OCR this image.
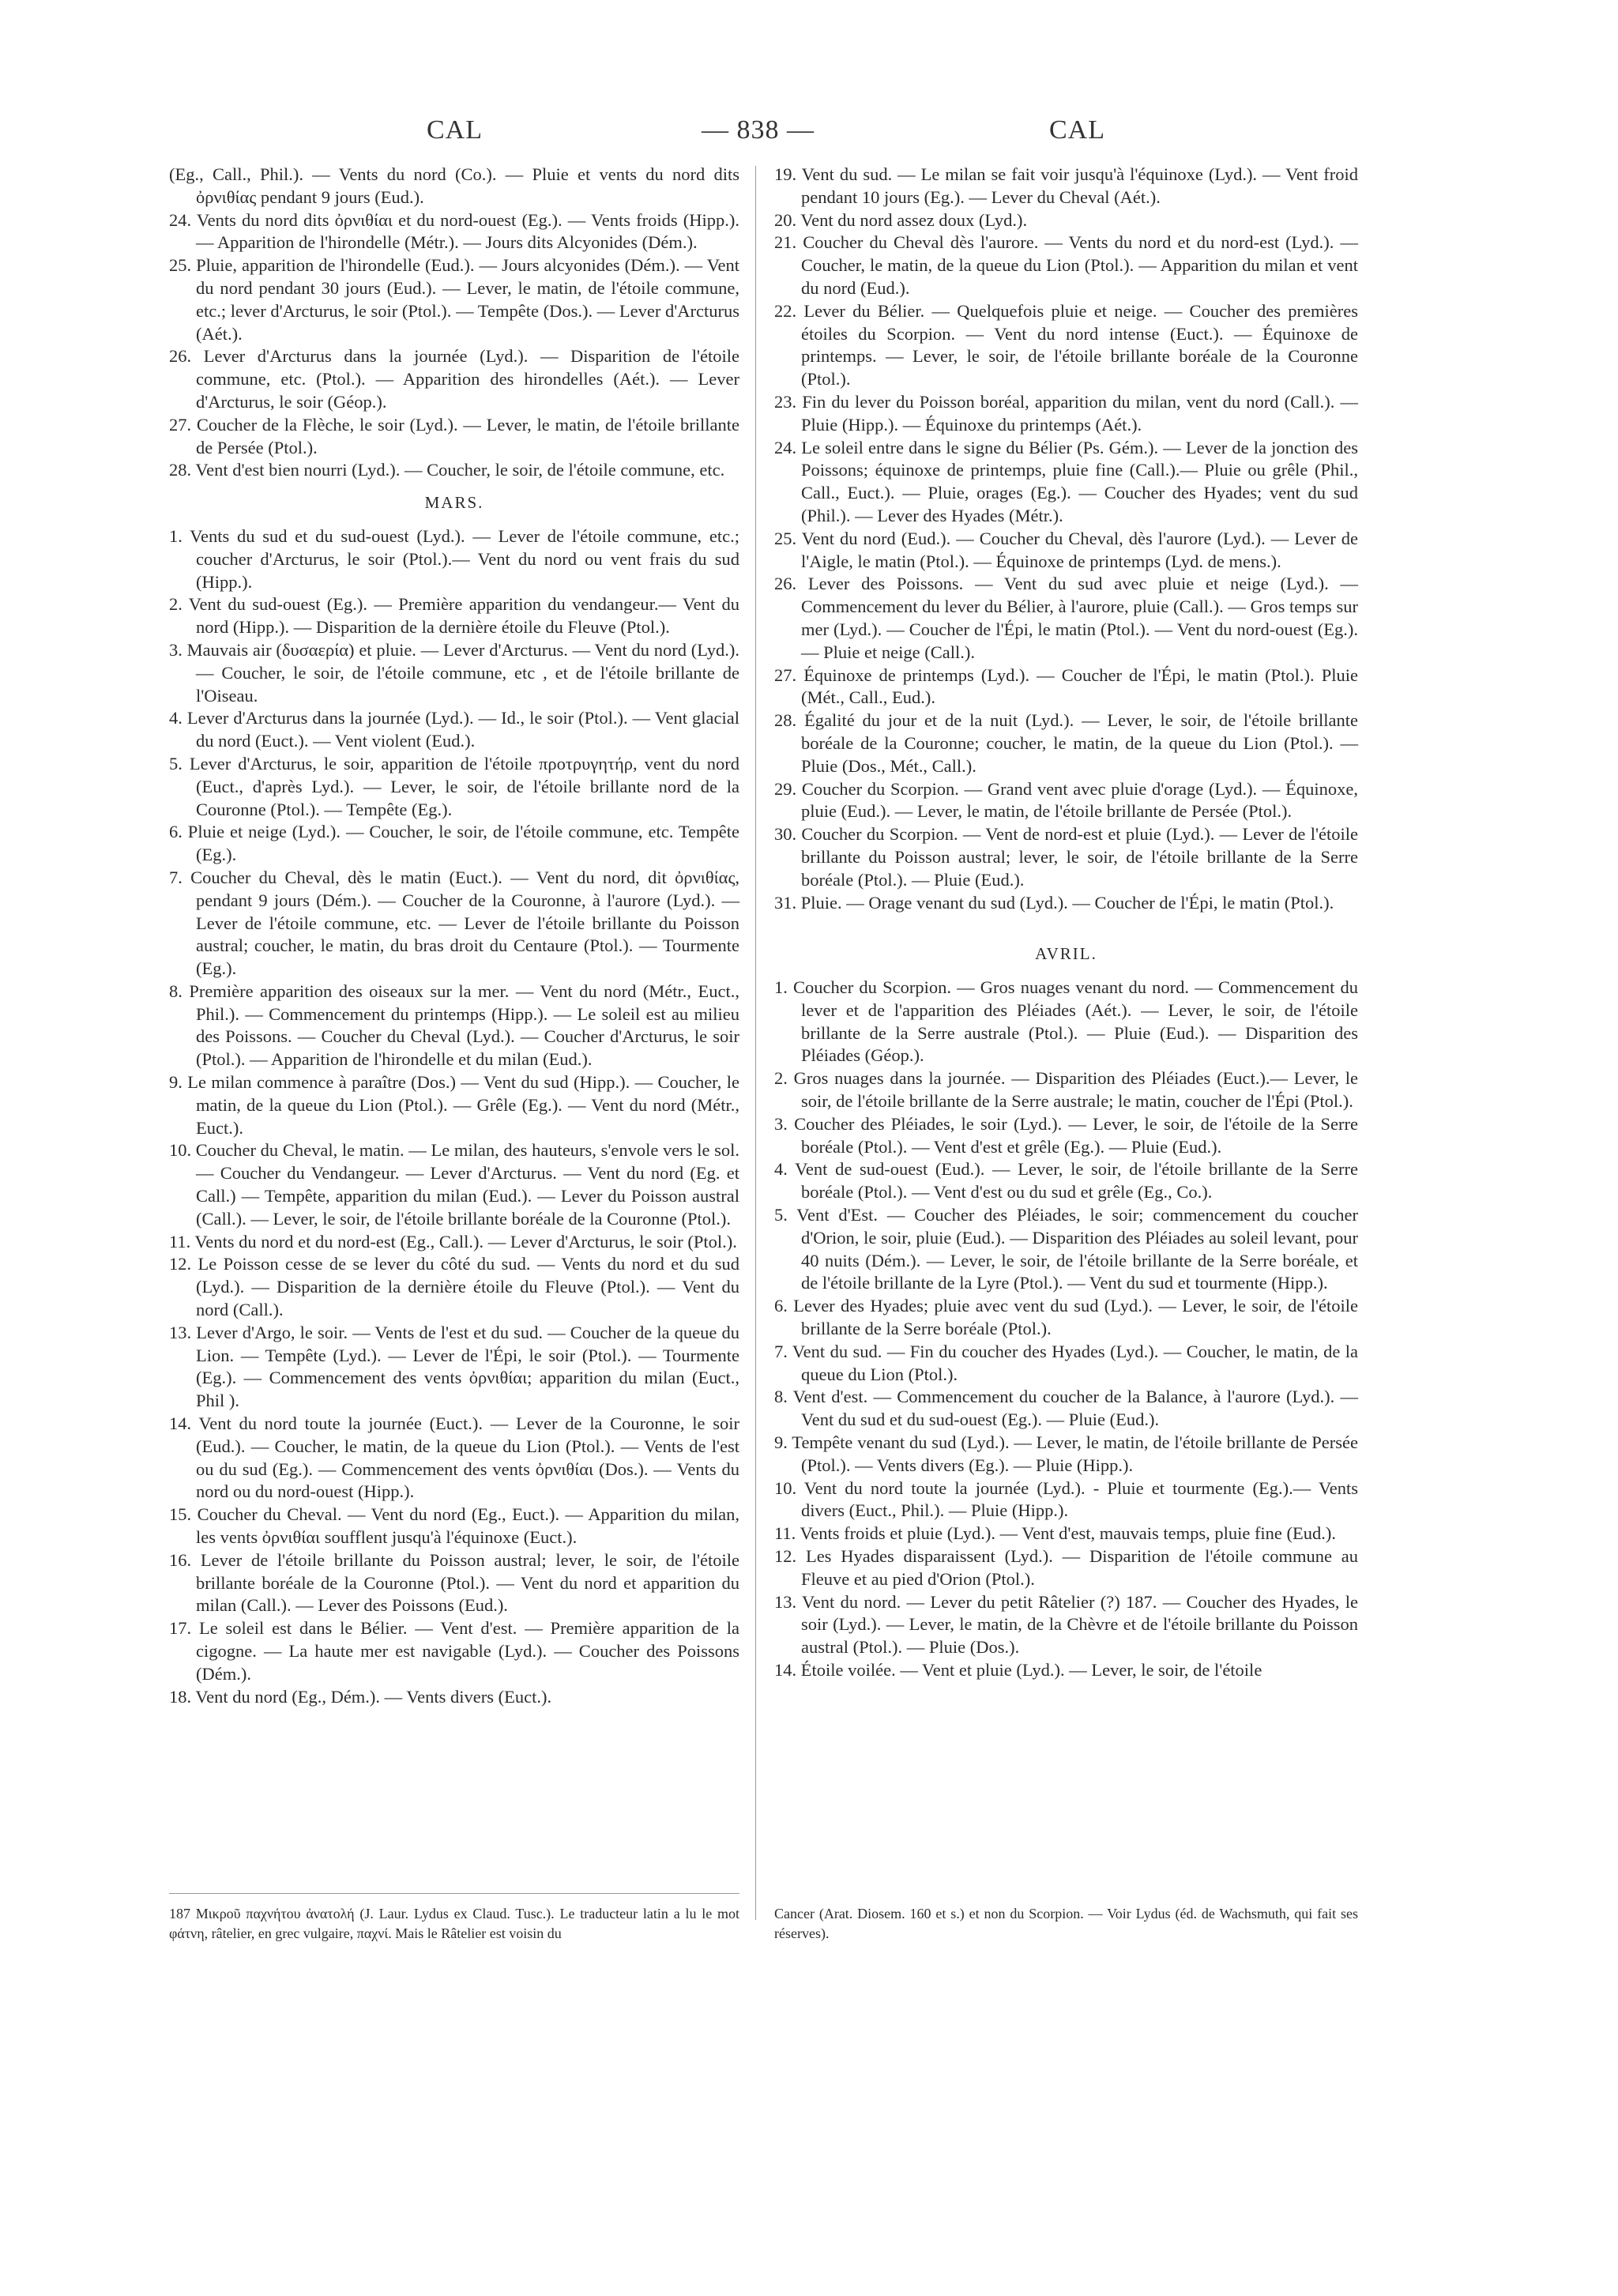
CAL	— 838 —	CAL

(Eg., Call., Phil.). — Vents du nord (Co.). — Pluie et vents du nord dits ὀρνιθίας pendant 9 jours (Eud.).

24. Vents du nord dits ὀρνιθίαι et du nord-ouest (Eg.). — Vents froids (Hipp.). — Apparition de l'hirondelle (Métr.). — Jours dits Alcyonides (Dém.).

25. Pluie, apparition de l'hirondelle (Eud.). — Jours alcyonides (Dém.). — Vent du nord pendant 30 jours (Eud.). — Lever, le matin, de l'étoile commune, etc.; lever d'Arcturus, le soir (Ptol.). — Tempête (Dos.). — Lever d'Arcturus (Aét.).

26. Lever d'Arcturus dans la journée (Lyd.). — Disparition de l'étoile commune, etc. (Ptol.). — Apparition des hirondelles (Aét.). — Lever d'Arcturus, le soir (Géop.).

27. Coucher de la Flèche, le soir (Lyd.). — Lever, le matin, de l'étoile brillante de Persée (Ptol.).

28. Vent d'est bien nourri (Lyd.). — Coucher, le soir, de l'étoile commune, etc.

MARS.

1. Vents du sud et du sud-ouest (Lyd.). — Lever de l'étoile commune, etc.; coucher d'Arcturus, le soir (Ptol.).— Vent du nord ou vent frais du sud (Hipp.).

2. Vent du sud-ouest (Eg.). — Première apparition du vendangeur.— Vent du nord (Hipp.). — Disparition de la dernière étoile du Fleuve (Ptol.).

3. Mauvais air (δυσαερία) et pluie. — Lever d'Arcturus. — Vent du nord (Lyd.). — Coucher, le soir, de l'étoile commune, etc , et de l'étoile brillante de l'Oiseau.

4. Lever d'Arcturus dans la journée (Lyd.). — Id., le soir (Ptol.). — Vent glacial du nord (Euct.). — Vent violent (Eud.).

5. Lever d'Arcturus, le soir, apparition de l'étoile προτρυγητήρ, vent du nord (Euct., d'après Lyd.). — Lever, le soir, de l'étoile brillante nord de la Couronne (Ptol.). — Tempête (Eg.).

6. Pluie et neige (Lyd.). — Coucher, le soir, de l'étoile commune, etc. Tempête (Eg.).

7. Coucher du Cheval, dès le matin (Euct.). — Vent du nord, dit ὀρνιθίας, pendant 9 jours (Dém.). — Coucher de la Couronne, à l'aurore (Lyd.). — Lever de l'étoile commune, etc. — Lever de l'étoile brillante du Poisson austral; coucher, le matin, du bras droit du Centaure (Ptol.). — Tourmente (Eg.).

8. Première apparition des oiseaux sur la mer. — Vent du nord (Métr., Euct., Phil.). — Commencement du printemps (Hipp.). — Le soleil est au milieu des Poissons. — Coucher du Cheval (Lyd.). — Coucher d'Arcturus, le soir (Ptol.). — Apparition de l'hirondelle et du milan (Eud.).

9. Le milan commence à paraître (Dos.) — Vent du sud (Hipp.). — Coucher, le matin, de la queue du Lion (Ptol.). — Grêle (Eg.). — Vent du nord (Métr., Euct.).

10. Coucher du Cheval, le matin. — Le milan, des hauteurs, s'envole vers le sol. — Coucher du Vendangeur. — Lever d'Arcturus. — Vent du nord (Eg. et Call.) — Tempête, apparition du milan (Eud.). — Lever du Poisson austral (Call.). — Lever, le soir, de l'étoile brillante boréale de la Couronne (Ptol.).

11. Vents du nord et du nord-est (Eg., Call.). — Lever d'Arcturus, le soir (Ptol.).

12. Le Poisson cesse de se lever du côté du sud. — Vents du nord et du sud (Lyd.). — Disparition de la dernière étoile du Fleuve (Ptol.). — Vent du nord (Call.).

13. Lever d'Argo, le soir. — Vents de l'est et du sud. — Coucher de la queue du Lion. — Tempête (Lyd.). — Lever de l'Épi, le soir (Ptol.). — Tourmente (Eg.). — Commencement des vents ὀρνιθίαι; apparition du milan (Euct., Phil ).

14. Vent du nord toute la journée (Euct.). — Lever de la Couronne, le soir (Eud.). — Coucher, le matin, de la queue du Lion (Ptol.). — Vents de l'est ou du sud (Eg.). — Commencement des vents ὀρνιθίαι (Dos.). — Vents du nord ou du nord-ouest (Hipp.).

15. Coucher du Cheval. — Vent du nord (Eg., Euct.). — Apparition du milan, les vents ὀρνιθίαι soufflent jusqu'à l'équinoxe (Euct.).

16. Lever de l'étoile brillante du Poisson austral; lever, le soir, de l'étoile brillante boréale de la Couronne (Ptol.). — Vent du nord et apparition du milan (Call.). — Lever des Poissons (Eud.).

17. Le soleil est dans le Bélier. — Vent d'est. — Première apparition de la cigogne. — La haute mer est navigable (Lyd.). — Coucher des Poissons (Dém.).

18. Vent du nord (Eg., Dém.). — Vents divers (Euct.).

19. Vent du sud. — Le milan se fait voir jusqu'à l'équinoxe (Lyd.). — Vent froid pendant 10 jours (Eg.). — Lever du Cheval (Aét.).

20. Vent du nord assez doux (Lyd.).

21. Coucher du Cheval dès l'aurore. — Vents du nord et du nord-est (Lyd.). — Coucher, le matin, de la queue du Lion (Ptol.). — Apparition du milan et vent du nord (Eud.).

22. Lever du Bélier. — Quelquefois pluie et neige. — Coucher des premières étoiles du Scorpion. — Vent du nord intense (Euct.). — Équinoxe de printemps. — Lever, le soir, de l'étoile brillante boréale de la Couronne (Ptol.).

23. Fin du lever du Poisson boréal, apparition du milan, vent du nord (Call.). — Pluie (Hipp.). — Équinoxe du printemps (Aét.).

24. Le soleil entre dans le signe du Bélier (Ps. Gém.). — Lever de la jonction des Poissons; équinoxe de printemps, pluie fine (Call.).— Pluie ou grêle (Phil., Call., Euct.). — Pluie, orages (Eg.). — Coucher des Hyades; vent du sud (Phil.). — Lever des Hyades (Métr.).

25. Vent du nord (Eud.). — Coucher du Cheval, dès l'aurore (Lyd.). — Lever de l'Aigle, le matin (Ptol.). — Équinoxe de printemps (Lyd. de mens.).

26. Lever des Poissons. — Vent du sud avec pluie et neige (Lyd.). — Commencement du lever du Bélier, à l'aurore, pluie (Call.). — Gros temps sur mer (Lyd.). — Coucher de l'Épi, le matin (Ptol.). — Vent du nord-ouest (Eg.). — Pluie et neige (Call.).

27. Équinoxe de printemps (Lyd.). — Coucher de l'Épi, le matin (Ptol.). Pluie (Mét., Call., Eud.).

28. Égalité du jour et de la nuit (Lyd.). — Lever, le soir, de l'étoile brillante boréale de la Couronne; coucher, le matin, de la queue du Lion (Ptol.). — Pluie (Dos., Mét., Call.).

29. Coucher du Scorpion. — Grand vent avec pluie d'orage (Lyd.). — Équinoxe, pluie (Eud.). — Lever, le matin, de l'étoile brillante de Persée (Ptol.).

30. Coucher du Scorpion. — Vent de nord-est et pluie (Lyd.). — Lever de l'étoile brillante du Poisson austral; lever, le soir, de l'étoile brillante de la Serre boréale (Ptol.). — Pluie (Eud.).

31. Pluie. — Orage venant du sud (Lyd.). — Coucher de l'Épi, le matin (Ptol.).

AVRIL.

1. Coucher du Scorpion. — Gros nuages venant du nord. — Commencement du lever et de l'apparition des Pléiades (Aét.). — Lever, le soir, de l'étoile brillante de la Serre australe (Ptol.). — Pluie (Eud.). — Disparition des Pléiades (Géop.).

2. Gros nuages dans la journée. — Disparition des Pléiades (Euct.).— Lever, le soir, de l'étoile brillante de la Serre australe; le matin, coucher de l'Épi (Ptol.).

3. Coucher des Pléiades, le soir (Lyd.). — Lever, le soir, de l'étoile de la Serre boréale (Ptol.). — Vent d'est et grêle (Eg.). — Pluie (Eud.).

4. Vent de sud-ouest (Eud.). — Lever, le soir, de l'étoile brillante de la Serre boréale (Ptol.). — Vent d'est ou du sud et grêle (Eg., Co.).

5. Vent d'Est. — Coucher des Pléiades, le soir; commencement du coucher d'Orion, le soir, pluie (Eud.). — Disparition des Pléiades au soleil levant, pour 40 nuits (Dém.). — Lever, le soir, de l'étoile brillante de la Serre boréale, et de l'étoile brillante de la Lyre (Ptol.). — Vent du sud et tourmente (Hipp.).

6. Lever des Hyades; pluie avec vent du sud (Lyd.). — Lever, le soir, de l'étoile brillante de la Serre boréale (Ptol.).

7. Vent du sud. — Fin du coucher des Hyades (Lyd.). — Coucher, le matin, de la queue du Lion (Ptol.).

8. Vent d'est. — Commencement du coucher de la Balance, à l'aurore (Lyd.). — Vent du sud et du sud-ouest (Eg.). — Pluie (Eud.).

9. Tempête venant du sud (Lyd.). — Lever, le matin, de l'étoile brillante de Persée (Ptol.). — Vents divers (Eg.). — Pluie (Hipp.).

10. Vent du nord toute la journée (Lyd.). - Pluie et tourmente (Eg.).— Vents divers (Euct., Phil.). — Pluie (Hipp.).

11. Vents froids et pluie (Lyd.). — Vent d'est, mauvais temps, pluie fine (Eud.).

12. Les Hyades disparaissent (Lyd.). — Disparition de l'étoile commune au Fleuve et au pied d'Orion (Ptol.).

13. Vent du nord. — Lever du petit Râtelier (?) 187. — Coucher des Hyades, le soir (Lyd.). — Lever, le matin, de la Chèvre et de l'étoile brillante du Poisson austral (Ptol.). — Pluie (Dos.).

14. Étoile voilée. — Vent et pluie (Lyd.). — Lever, le soir, de l'étoile

187 Μικροῦ παχνήτου ἀνατολή (J. Laur. Lydus ex Claud. Tusc.). Le traducteur latin a lu le mot φάτνη, râtelier, en grec vulgaire, παχνί. Mais le Râtelier est voisin du
Cancer (Arat. Diosem. 160 et s.) et non du Scorpion. — Voir Lydus (éd. de Wachsmuth, qui fait ses réserves).
